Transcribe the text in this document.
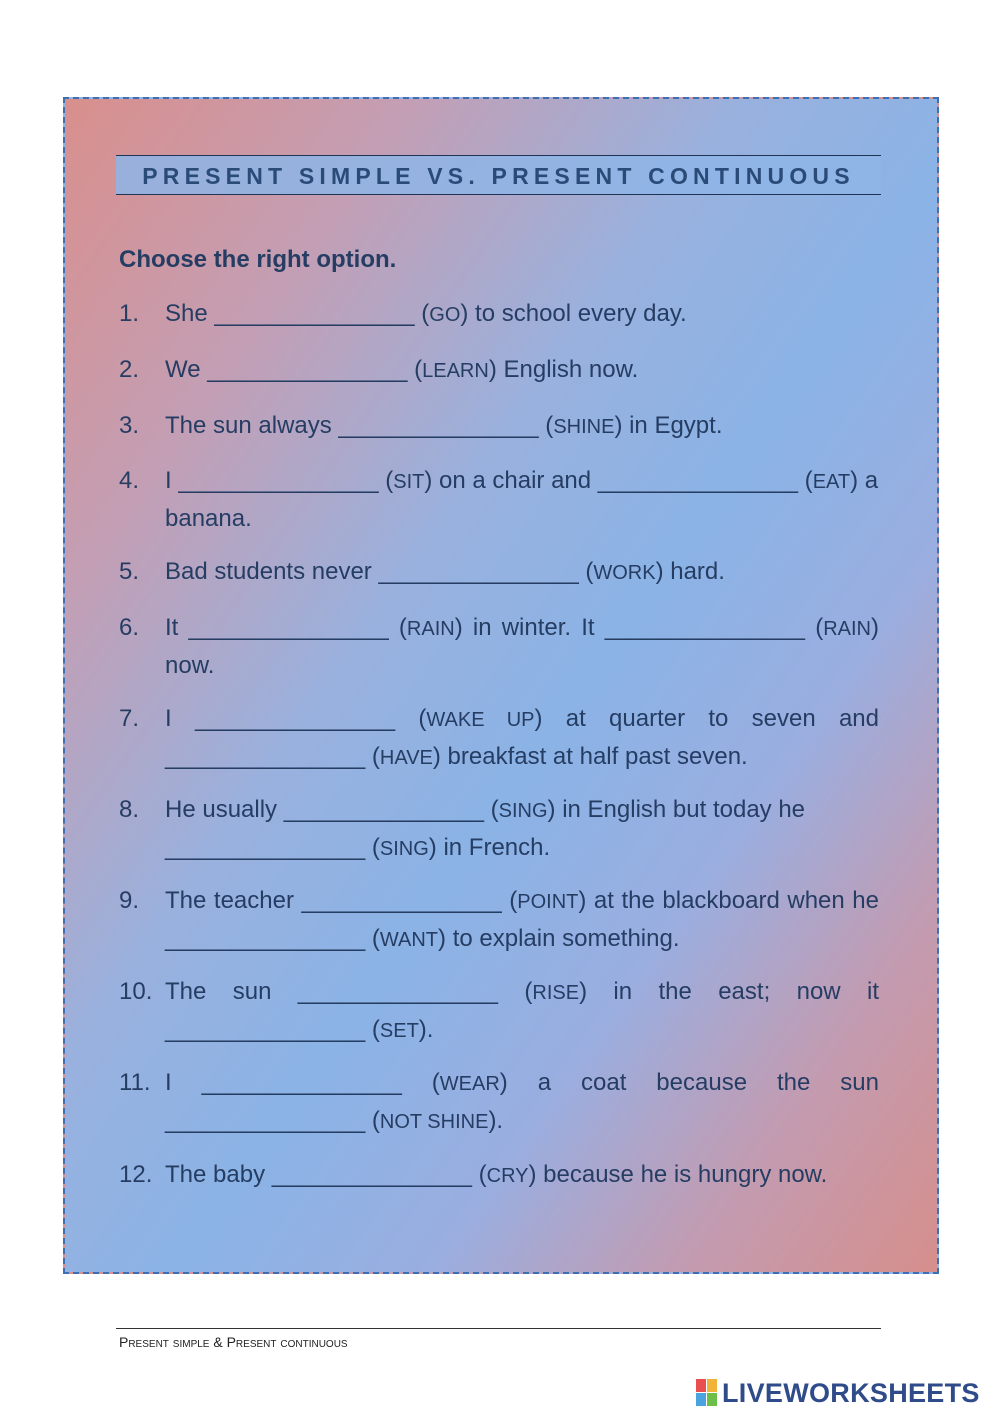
PRESENT SIMPLE VS. PRESENT CONTINUOUS
Choose the right option.
1. She _______________ (GO) to school every day.
2. We _______________ (LEARN) English now.
3. The sun always _______________ (SHINE) in Egypt.
4. I _______________ (SIT) on a chair and _______________ (EAT) a banana.
5. Bad students never _______________ (WORK) hard.
6. It _______________ (RAIN) in winter. It _______________ (RAIN) now.
7. I _______________ (WAKE UP) at quarter to seven and _______________ (HAVE) breakfast at half past seven.
8. He usually _______________ (SING) in English but today he _______________ (SING) in French.
9. The teacher _______________ (POINT) at the blackboard when he _______________ (WANT) to explain something.
10. The sun _______________ (RISE) in the east; now it _______________ (SET).
11. I _______________ (WEAR) a coat because the sun _______________ (NOT SHINE).
12. The baby _______________ (CRY) because he is hungry now.
Present simple & Present continuous
LIVEWORKSHEETS
